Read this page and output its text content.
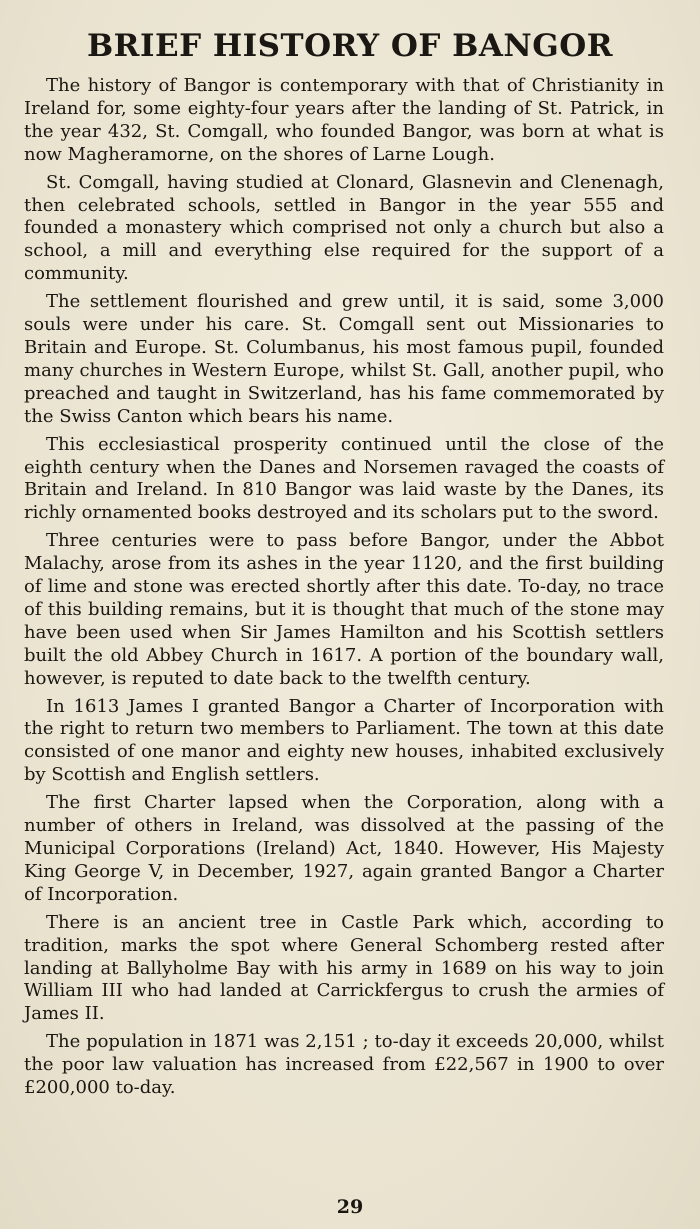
BRIEF HISTORY OF BANGOR

The history of Bangor is contemporary with that of Christianity in Ireland for, some eighty-four years after the landing of St. Patrick, in the year 432, St. Comgall, who founded Bangor, was born at what is now Magheramorne, on the shores of Larne Lough.

St. Comgall, having studied at Clonard, Glasnevin and Clenenagh, then celebrated schools, settled in Bangor in the year 555 and founded a monastery which comprised not only a church but also a school, a mill and everything else required for the support of a community.

The settlement flourished and grew until, it is said, some 3,000 souls were under his care. St. Comgall sent out Missionaries to Britain and Europe. St. Columbanus, his most famous pupil, founded many churches in Western Europe, whilst St. Gall, another pupil, who preached and taught in Switzerland, has his fame commemorated by the Swiss Canton which bears his name.

This ecclesiastical prosperity continued until the close of the eighth century when the Danes and Norsemen ravaged the coasts of Britain and Ireland. In 810 Bangor was laid waste by the Danes, its richly ornamented books destroyed and its scholars put to the sword.

Three centuries were to pass before Bangor, under the Abbot Malachy, arose from its ashes in the year 1120, and the first building of lime and stone was erected shortly after this date. To-day, no trace of this building remains, but it is thought that much of the stone may have been used when Sir James Hamilton and his Scottish settlers built the old Abbey Church in 1617. A portion of the boundary wall, however, is reputed to date back to the twelfth century.

In 1613 James I granted Bangor a Charter of Incorporation with the right to return two members to Parliament. The town at this date consisted of one manor and eighty new houses, inhabited exclusively by Scottish and English settlers.

The first Charter lapsed when the Corporation, along with a number of others in Ireland, was dissolved at the passing of the Municipal Corporations (Ireland) Act, 1840. However, His Majesty King George V, in December, 1927, again granted Bangor a Charter of Incorporation.

There is an ancient tree in Castle Park which, according to tradition, marks the spot where General Schomberg rested after landing at Ballyholme Bay with his army in 1689 on his way to join William III who had landed at Carrickfergus to crush the armies of James II.

The population in 1871 was 2,151 ; to-day it exceeds 20,000, whilst the poor law valuation has increased from £22,567 in 1900 to over £200,000 to-day.

29
